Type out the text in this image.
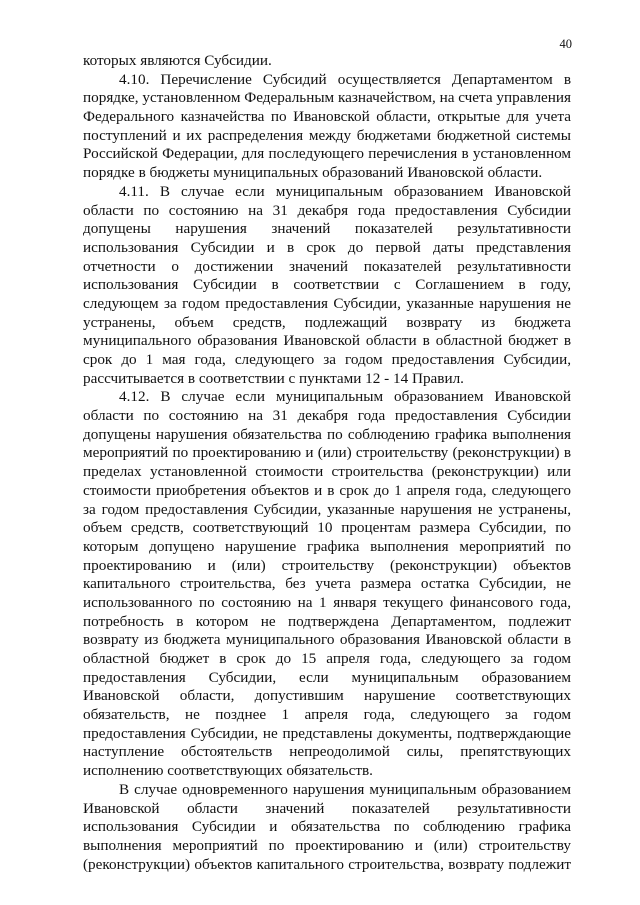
40
которых являются Субсидии.
4.10. Перечисление Субсидий осуществляется Департаментом в
порядке, установленном Федеральным казначейством, на счета управления
Федерального казначейства по Ивановской области, открытые для учета
поступлений и их распределения между бюджетами бюджетной системы
Российской Федерации, для последующего перечисления в установленном
порядке в бюджеты муниципальных образований Ивановской области.
4.11. В случае если муниципальным образованием Ивановской
области по состоянию на 31 декабря года предоставления Субсидии
допущены нарушения значений показателей результативности
использования Субсидии и в срок до первой даты представления
отчетности о достижении значений показателей результативности
использования Субсидии в соответствии с Соглашением в году,
следующем за годом предоставления Субсидии, указанные нарушения не
устранены, объем средств, подлежащий возврату из бюджета
муниципального образования Ивановской области в областной бюджет в
срок до 1 мая года, следующего за годом предоставления Субсидии,
рассчитывается в соответствии с пунктами 12 - 14 Правил.
4.12. В случае если муниципальным образованием Ивановской
области по состоянию на 31 декабря года предоставления Субсидии
допущены нарушения обязательства по соблюдению графика выполнения
мероприятий по проектированию и (или) строительству (реконструкции) в
пределах установленной стоимости строительства (реконструкции) или
стоимости приобретения объектов и в срок до 1 апреля года, следующего
за годом предоставления Субсидии, указанные нарушения не устранены,
объем средств, соответствующий 10 процентам размера Субсидии, по
которым допущено нарушение графика выполнения мероприятий по
проектированию и (или) строительству (реконструкции) объектов
капитального строительства, без учета размера остатка Субсидии, не
использованного по состоянию на 1 января текущего финансового года,
потребность в котором не подтверждена Департаментом, подлежит
возврату из бюджета муниципального образования Ивановской области в
областной бюджет в срок до 15 апреля года, следующего за годом
предоставления Субсидии, если муниципальным образованием
Ивановской области, допустившим нарушение соответствующих
обязательств, не позднее 1 апреля года, следующего за годом
предоставления Субсидии, не представлены документы, подтверждающие
наступление обстоятельств непреодолимой силы, препятствующих
исполнению соответствующих обязательств.
В случае одновременного нарушения муниципальным образованием
Ивановской области значений показателей результативности
использования Субсидии и обязательства по соблюдению графика
выполнения мероприятий по проектированию и (или) строительству
(реконструкции) объектов капитального строительства, возврату подлежит
